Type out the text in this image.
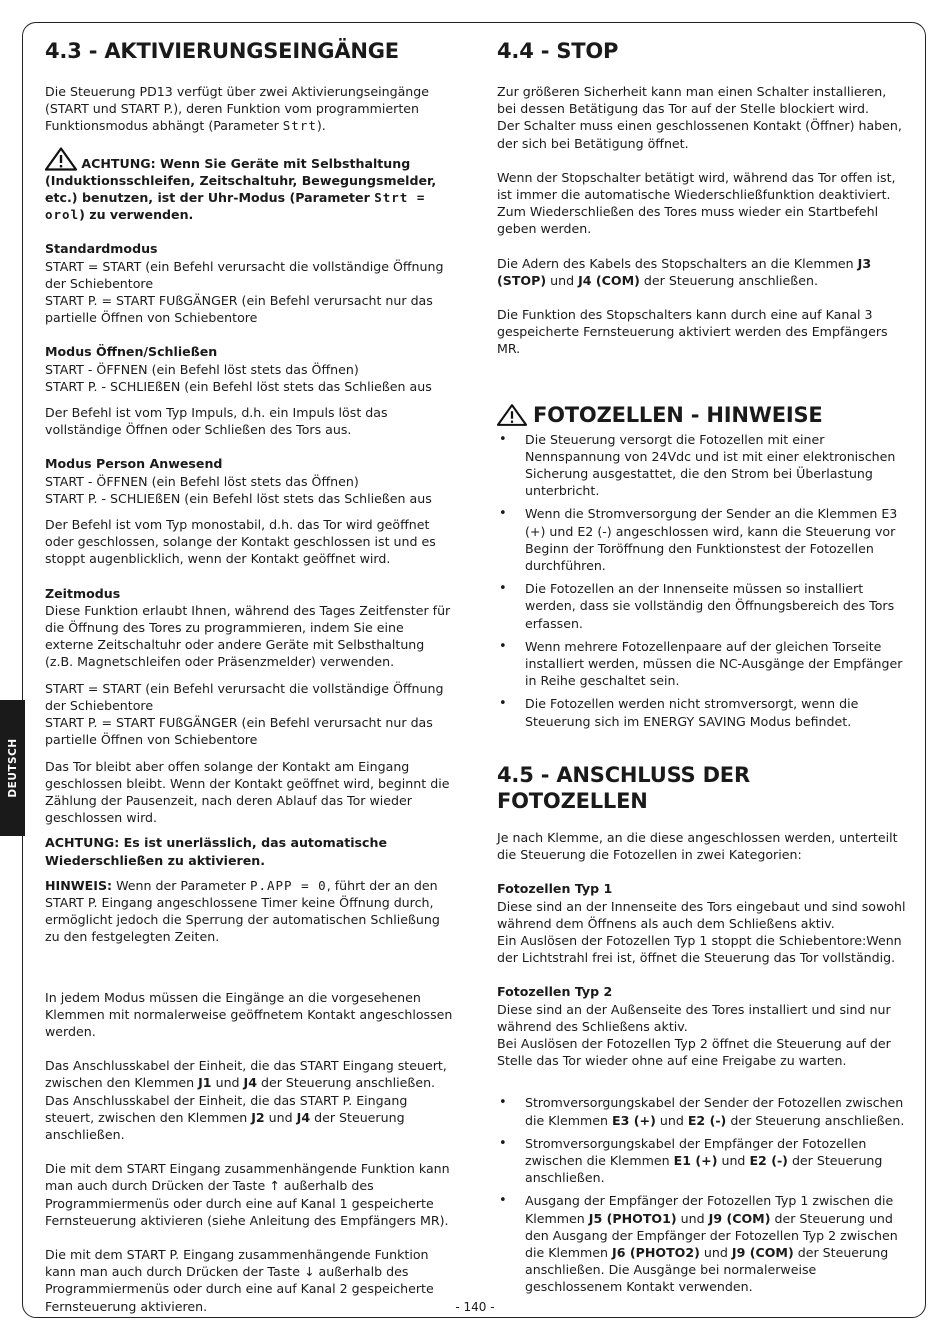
DEUTSCH
4.3 - AKTIVIERUNGSEINGÄNGE

Die Steuerung PD13 verfügt über zwei Aktivierungseingänge (START und START P.), deren Funktion vom programmierten Funktionsmodus abhängt (Parameter Strt).

ACHTUNG: Wenn Sie Geräte mit Selbsthaltung (Induktionsschleifen, Zeitschaltuhr, Bewegungsmelder, etc.) benutzen, ist der Uhr-Modus (Parameter Strt = orol) zu verwenden.

Standardmodus

START = START (ein Befehl verursacht die vollständige Öffnung der Schiebentore

START P. = START FUßGÄNGER (ein Befehl verursacht nur das partielle Öffnen von Schiebentore

Modus Öffnen/Schließen

START - ÖFFNEN (ein Befehl löst stets das Öffnen)

START P. - SCHLIEßEN (ein Befehl löst stets das Schließen aus

Der Befehl ist vom Typ Impuls, d.h. ein Impuls löst das vollständige Öffnen oder Schließen des Tors aus.

Modus Person Anwesend

START - ÖFFNEN (ein Befehl löst stets das Öffnen)

START P. - SCHLIEßEN (ein Befehl löst stets das Schließen aus

Der Befehl ist vom Typ monostabil, d.h. das Tor wird geöffnet oder geschlossen, solange der Kontakt geschlossen ist und es stoppt augenblicklich, wenn der Kontakt geöffnet wird.

Zeitmodus

Diese Funktion erlaubt Ihnen, während des Tages Zeitfenster für die Öffnung des Tores zu programmieren, indem Sie eine externe Zeitschaltuhr oder andere Geräte mit Selbsthaltung (z.B. Magnetschleifen oder Präsenzmelder) verwenden.

START = START (ein Befehl verursacht die vollständige Öffnung der Schiebentore

START P. = START FUßGÄNGER (ein Befehl verursacht nur das partielle Öffnen von Schiebentore

Das Tor bleibt aber offen solange der Kontakt am Eingang geschlossen bleibt. Wenn der Kontakt geöffnet wird, beginnt die Zählung der Pausenzeit, nach deren Ablauf das Tor wieder geschlossen wird.

ACHTUNG: Es ist unerlässlich, das automatische Wiederschließen zu aktivieren.

HINWEIS: Wenn der Parameter P.APP = 0, führt der an den START P. Eingang angeschlossene Timer keine Öffnung durch, ermöglicht jedoch die Sperrung der automatischen Schließung zu den festgelegten Zeiten.

In jedem Modus müssen die Eingänge an die vorgesehenen Klemmen mit normalerweise geöffnetem Kontakt angeschlossen werden.

Das Anschlusskabel der Einheit, die das START Eingang steuert, zwischen den Klemmen J1 und J4 der Steuerung anschließen.

Das Anschlusskabel der Einheit, die das START P. Eingang steuert, zwischen den Klemmen J2 und J4 der Steuerung anschließen.

Die mit dem START Eingang zusammenhängende Funktion kann man auch durch Drücken der Taste ↑ außerhalb des Programmiermenüs oder durch eine auf Kanal 1 gespeicherte Fernsteuerung aktivieren (siehe Anleitung des Empfängers MR).

Die mit dem START P. Eingang zusammenhängende Funktion kann man auch durch Drücken der Taste ↓ außerhalb des Programmiermenüs oder durch eine auf Kanal 2 gespeicherte Fernsteuerung aktivieren.

4.4 - STOP

Zur größeren Sicherheit kann man einen Schalter installieren, bei dessen Betätigung das Tor auf der Stelle blockiert wird.

Der Schalter muss einen geschlossenen Kontakt (Öffner) haben, der sich bei Betätigung öffnet.

Wenn der Stopschalter betätigt wird, während das Tor offen ist, ist immer die automatische Wiederschließfunktion deaktiviert.

Zum Wiederschließen des Tores muss wieder ein Startbefehl geben werden.

Die Adern des Kabels des Stopschalters an die Klemmen J3 (STOP) und J4 (COM) der Steuerung anschließen.

Die Funktion des Stopschalters kann durch eine auf Kanal 3 gespeicherte Fernsteuerung aktiviert werden des Empfängers MR.

FOTOZELLEN - HINWEISE
• Die Steuerung versorgt die Fotozellen mit einer Nennspannung von 24Vdc und ist mit einer elektronischen Sicherung ausgestattet, die den Strom bei Überlastung unterbricht.
• Wenn die Stromversorgung der Sender an die Klemmen E3 (+) und E2 (-) angeschlossen wird, kann die Steuerung vor Beginn der Toröffnung den Funktionstest der Fotozellen durchführen.
• Die Fotozellen an der Innenseite müssen so installiert werden, dass sie vollständig den Öffnungsbereich des Tors erfassen.
• Wenn mehrere Fotozellenpaare auf der gleichen Torseite installiert werden, müssen die NC-Ausgänge der Empfänger in Reihe geschaltet sein.
• Die Fotozellen werden nicht stromversorgt, wenn die Steuerung sich im ENERGY SAVING Modus befindet.
4.5 - ANSCHLUSS DER FOTOZELLEN

Je nach Klemme, an die diese angeschlossen werden, unterteilt die Steuerung die Fotozellen in zwei Kategorien:

Fotozellen Typ 1

Diese sind an der Innenseite des Tors eingebaut und sind sowohl während dem Öffnens als auch dem Schließens aktiv.

Ein Auslösen der Fotozellen Typ 1 stoppt die Schiebentore:Wenn der Lichtstrahl frei ist, öffnet die Steuerung das Tor vollständig.

Fotozellen Typ 2

Diese sind an der Außenseite des Tores installiert und sind nur während des Schließens aktiv.

Bei Auslösen der Fotozellen Typ 2 öffnet die Steuerung auf der Stelle das Tor wieder ohne auf eine Freigabe zu warten.

• Stromversorgungskabel der Sender der Fotozellen zwischen die Klemmen E3 (+) und E2 (-) der Steuerung anschließen.
• Stromversorgungskabel der Empfänger der Fotozellen zwischen die Klemmen E1 (+) und E2 (-) der Steuerung anschließen.
• Ausgang der Empfänger der Fotozellen Typ 1 zwischen die Klemmen J5 (PHOTO1) und J9 (COM) der Steuerung und den Ausgang der Empfänger der Fotozellen Typ 2 zwischen die Klemmen J6 (PHOTO2) und J9 (COM) der Steuerung anschließen. Die Ausgänge bei normalerweise geschlossenem Kontakt verwenden.
- 140 -
